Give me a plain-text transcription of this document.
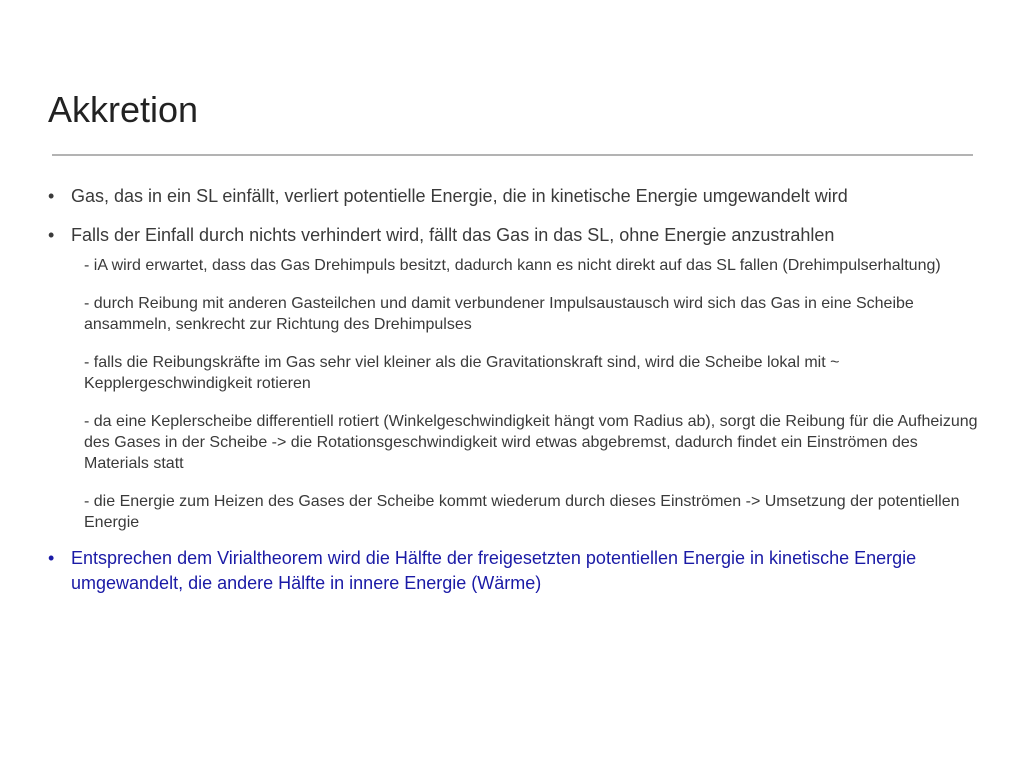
Akkretion
• Gas, das in ein SL einfällt, verliert potentielle Energie, die in kinetische Energie umgewandelt wird
• Falls der Einfall durch nichts verhindert wird, fällt das Gas in das SL, ohne Energie anzustrahlen
- iA wird erwartet, dass das Gas Drehimpuls besitzt, dadurch kann es nicht direkt auf das SL fallen (Drehimpulserhaltung)
- durch Reibung mit anderen Gasteilchen und damit verbundener Impulsaustausch wird sich das Gas in eine Scheibe ansammeln, senkrecht zur Richtung des Drehimpulses
- falls die Reibungskräfte im Gas sehr viel kleiner als die Gravitationskraft sind, wird die Scheibe lokal mit ~ Kepplergeschwindigkeit rotieren
- da eine Keplerscheibe differentiell rotiert (Winkelgeschwindigkeit hängt vom Radius ab), sorgt die Reibung für die Aufheizung des Gases in der Scheibe -> die Rotationsgeschwindigkeit wird etwas abgebremst, dadurch findet ein Einströmen des Materials statt
- die Energie zum Heizen des Gases der Scheibe kommt wiederum durch dieses Einströmen -> Umsetzung der potentiellen Energie
• Entsprechen dem Virialtheorem wird die Hälfte der freigesetzten potentiellen Energie in kinetische Energie umgewandelt, die andere Hälfte in innere Energie (Wärme)
